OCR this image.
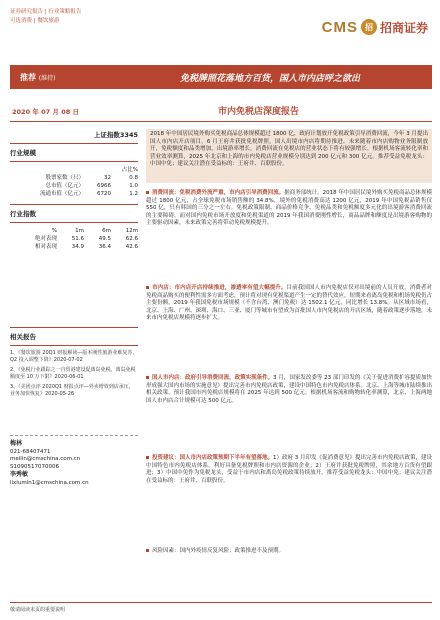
证券研究报告 | 行业策略报告
可选消费 | 餐饮旅游	CMS 招 招商证券
推荐 (维持)	免税牌照花落地方百货，国人市内店呼之欲出
2020 年 07 月 08 日	市内免税店深度报告
上证指数 3345
行业规模
占比%
股票家数（只）	32	0.8
总市值（亿元）	6966	1.0
流通市值（亿元）	6720	1.2
行业指数
%	1m	6m	12m
绝对表现	51.6	49.5	62.6
相对表现	34.9	36.4	42.6
相关报告
1、《餐饮旅游 20Q1 财报解读—版本刚性旅游业难复苏，Q2 投入调整下降》2020-07-02
2、《免税行业跟踪之一自贸港建设促离岛免税，离岛免税额度至 10 万下限》2020-06-01
3、《美团点评 2020Q1 财报点评—外卖增效到店承压，业务加快恢复》2020-05-26
梅林
021-68407471
meilin@cmschina.com.cn
S1090517070006
李秀敏
lixiumin1@cmschina.com.cn
2018 年中国居民境外购买免税商品总体规模超过 1800 亿，政府计划放开免税政策引导消费回流，今年 3 月提出国人市内店开店项目，6 月王府井获批免税牌照，国人出境市内店将期待推进。未来随着市内店购物业务限制放开，免税额度和品类增加，出境游率增长，消费回流在免税店的营业状态下将有较强增长。根据机场客流转化率和营业效率测算，2025 年北京和上海的市内免税店营业规模分别达到 200 亿元和 300 亿元。推荐受益免税龙头：中国中免；建议关注潜在受益标的：王府井、百联股份。
消费回流：免税消费外流严重，市内店引导消费回流。据商务部统计，2018 年中国居民境外购买免税商品总体规模超过 1800 亿元，占全球免税市场销售额的 34.8%，境外的免税消费高达 1200 亿元，2019 年中国免税品销售仅 550 亿，只有韩国的三分之一左右。免税政策限制、商品价格竞争、免税品类和免税额度多元化的出境游客消费回流的主要障碍，而对国内免税市场开放度和免税渠道的 2019 年我国消费刚性增长，商品品牌和额度是出境游客购物的主要驱动因素，未来政策完善将带动免税规模提升。
市内店：市内店开店持续推进，渗透率有望大幅提升。目前我国国人市内免税店仅对出境前的人员开放，消费者对免税商品购买的便利性需多方面考虑，预计将对现有免税渠道产生一定的替代效应，短期来看离岛免税和机场免税仍占主要份额。2019 年我国免税市场规模（不含台湾、澳门免税）达 1502.1 亿元，同比增长 13.8%。从区域市场看，北京、上海、广州、深圳、海口、三亚、厦门等城市有望成为首批国人市内免税店的开店区域，随着政策逐步落地，未来市内免税店规模将逐步扩大。
国人市内店：政府引导消费回流，政策实现条件。3 月，国家发改委等 23 部门印发的《关于促进消费扩容提质加快形成强大国内市场的实施意见》提出完善市内免税店政策，建设中国特色市内免税店体系。北京、上海等城市陆续推出相关政策，预计我国市内免税店规模将在 2025 年达到 500 亿元。根据机场客流和购物转化率测算，北京、上海两地国人市内店合计规模可达 500 亿元。
投资建议：国人市内店政策预期下半年有望落地。1）政府 3 月印发《促消费意见》提出完善市内免税店政策，建设中国特色市内免税店体系，利好具备免税牌照和市内店资源的企业；2）王府井获批免税牌照，其余地方百货有望跟进；3）中国中免作为免税龙头，受益于市内店和离岛免税政策持续放开。推荐受益免税龙头：中国中免；建议关注潜在受益标的：王府井、百联股份。
风险因素：国内外疫情反复风险；政策推进不及预期。
敬请阅读末页的重要说明
